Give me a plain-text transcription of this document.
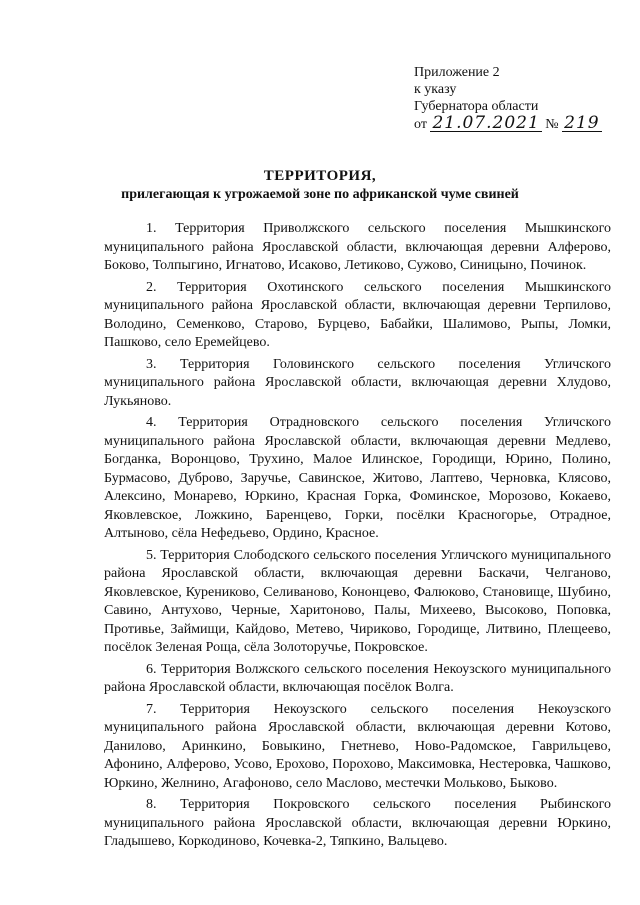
Приложение 2
к указу
Губернатора области
от 21.07.2021 № 219
ТЕРРИТОРИЯ,
прилегающая к угрожаемой зоне по африканской чуме свиней

1. Территория Приволжского сельского поселения Мышкинского муниципального района Ярославской области, включающая деревни Алферово, Боково, Толпыгино, Игнатово, Исаково, Летиково, Сужово, Синицыно, Починок.

2. Территория Охотинского сельского поселения Мышкинского муниципального района Ярославской области, включающая деревни Терпилово, Володино, Семенково, Старово, Бурцево, Бабайки, Шалимово, Рыпы, Ломки, Пашково, село Еремейцево.

3. Территория Головинского сельского поселения Угличского муниципального района Ярославской области, включающая деревни Хлудово, Лукьяново.

4. Территория Отрадновского сельского поселения Угличского муниципального района Ярославской области, включающая деревни Медлево, Богданка, Воронцово, Трухино, Малое Илинское, Городищи, Юрино, Полино, Бурмасово, Дуброво, Заручье, Савинское, Житово, Лаптево, Черновка, Клясово, Алексино, Монарево, Юркино, Красная Горка, Фоминское, Морозово, Кокаево, Яковлевское, Ложкино, Баренцево, Горки, посёлки Красногорье, Отрадное, Алтыново, сёла Нефедьево, Ордино, Красное.

5. Территория Слободского сельского поселения Угличского муниципального района Ярославской области, включающая деревни Баскачи, Челганово, Яковлевское, Курениково, Селиваново, Кононцево, Фалюково, Становище, Шубино, Савино, Антухово, Черные, Харитоново, Палы, Михеево, Высоково, Поповка, Противье, Займищи, Кайдово, Метево, Чириково, Городище, Литвино, Плещеево, посёлок Зеленая Роща, сёла Золоторучье, Покровское.

6. Территория Волжского сельского поселения Некоузского муниципального района Ярославской области, включающая посёлок Волга.

7. Территория Некоузского сельского поселения Некоузского муниципального района Ярославской области, включающая деревни Котово, Данилово, Аринкино, Бовыкино, Гнетнево, Ново-Радомское, Гаврильцево, Афонино, Алферово, Усово, Ерохово, Порохово, Максимовка, Нестеровка, Чашково, Юркино, Желнино, Агафоново, село Маслово, местечки Мольково, Быково.

8. Территория Покровского сельского поселения Рыбинского муниципального района Ярославской области, включающая деревни Юркино, Гладышево, Коркодиново, Кочевка-2, Тяпкино, Вальцево.
